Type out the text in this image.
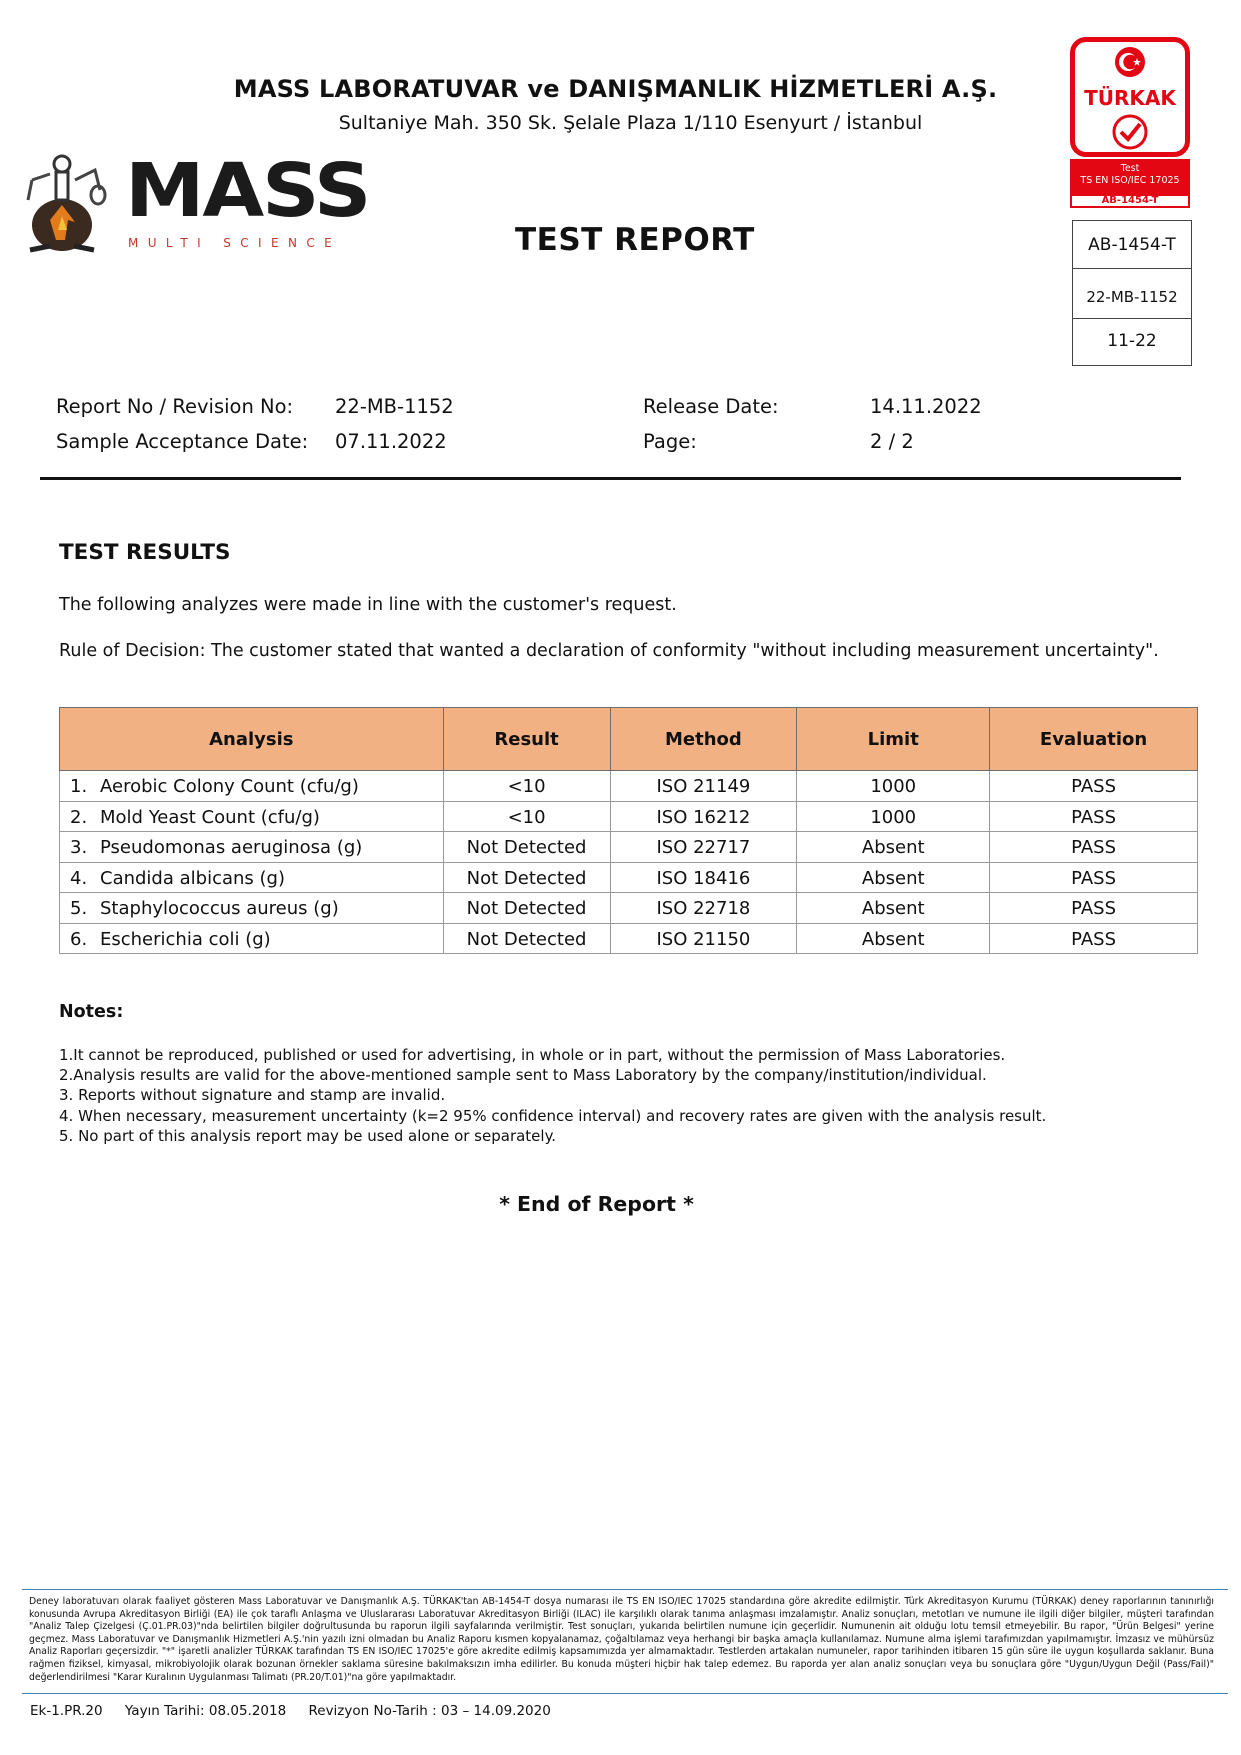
MASS LABORATUVAR ve DANIŞMANLIK HİZMETLERİ A.Ş.
Sultaniye Mah. 350 Sk. Şelale Plaza 1/110 Esenyurt / İstanbul
MASS
MULTI SCIENCE	TEST REPORT
TÜRKAK
Test
TS EN ISO/IEC 17025
AB-1454-T
AB-1454-T
22-MB-1152
11-22
Report No / Revision No: 22-MB-1152
Sample Acceptance Date: 07.11.2022
Release Date:	14.11.2022
Page:	2 / 2
TEST RESULTS
The following analyzes were made in line with the customer's request.
Rule of Decision: The customer stated that wanted a declaration of conformity "without including measurement uncertainty".
Analysis	Result	Method	Limit	Evaluation
1. Aerobic Colony Count (cfu/g)	<10	ISO 21149	1000	PASS
2. Mold Yeast Count (cfu/g)	<10	ISO 16212	1000	PASS
3. Pseudomonas aeruginosa (g)	Not Detected	ISO 22717	Absent	PASS
4. Candida albicans (g)	Not Detected	ISO 18416	Absent	PASS
5. Staphylococcus aureus (g)	Not Detected	ISO 22718	Absent	PASS
6. Escherichia coli (g)	Not Detected	ISO 21150	Absent	PASS
Notes:
1.It cannot be reproduced, published or used for advertising, in whole or in part, without the permission of Mass Laboratories.
2.Analysis results are valid for the above-mentioned sample sent to Mass Laboratory by the company/institution/individual.
3. Reports without signature and stamp are invalid.
4. When necessary, measurement uncertainty (k=2 95% confidence interval) and recovery rates are given with the analysis result.
5. No part of this analysis report may be used alone or separately.
* End of Report *
Deney laboratuvarı olarak faaliyet gösteren Mass Laboratuvar ve Danışmanlık A.Ş. TÜRKAK'tan AB-1454-T dosya numarası ile TS EN ISO/IEC 17025 standardına göre akredite edilmiştir. Türk Akreditasyon Kurumu (TÜRKAK) deney raporlarının tanınırlığı konusunda Avrupa Akreditasyon Birliği (EA) ile çok taraflı Anlaşma ve Uluslararası Laboratuvar Akreditasyon Birliği (ILAC) ile karşılıklı olarak tanıma anlaşması imzalamıştır. Analiz sonuçları, metotları ve numune ile ilgili diğer bilgiler, müşteri tarafından "Analiz Talep Çizelgesi (Ç.01.PR.03)"nda belirtilen bilgiler doğrultusunda bu raporun ilgili sayfalarında verilmiştir. Test sonuçları, yukarıda belirtilen numune için geçerlidir. Numunenin ait olduğu lotu temsil etmeyebilir. Bu rapor, "Ürün Belgesi" yerine geçmez. Mass Laboratuvar ve Danışmanlık Hizmetleri A.Ş.'nin yazılı izni olmadan bu Analiz Raporu kısmen kopyalanamaz, çoğaltılamaz veya herhangi bir başka amaçla kullanılamaz. Numune alma işlemi tarafımızdan yapılmamıştır. İmzasız ve mühürsüz Analiz Raporları geçersizdir. "*" işaretli analizler TÜRKAK tarafından TS EN ISO/IEC 17025'e göre akredite edilmiş kapsamımızda yer almamaktadır. Testlerden artakalan numuneler, rapor tarihinden itibaren 15 gün süre ile uygun koşullarda saklanır. Buna rağmen fiziksel, kimyasal, mikrobiyolojik olarak bozunan örnekler saklama süresine bakılmaksızın imha edilirler. Bu konuda müşteri hiçbir hak talep edemez. Bu raporda yer alan analiz sonuçları veya bu sonuçlara göre "Uygun/Uygun Değil (Pass/Fail)" değerlendirilmesi "Karar Kuralının Uygulanması Talimatı (PR.20/T.01)"na göre yapılmaktadır.
Ek-1.PR.20 Yayın Tarihi: 08.05.2018 Revizyon No-Tarih : 03 – 14.09.2020
